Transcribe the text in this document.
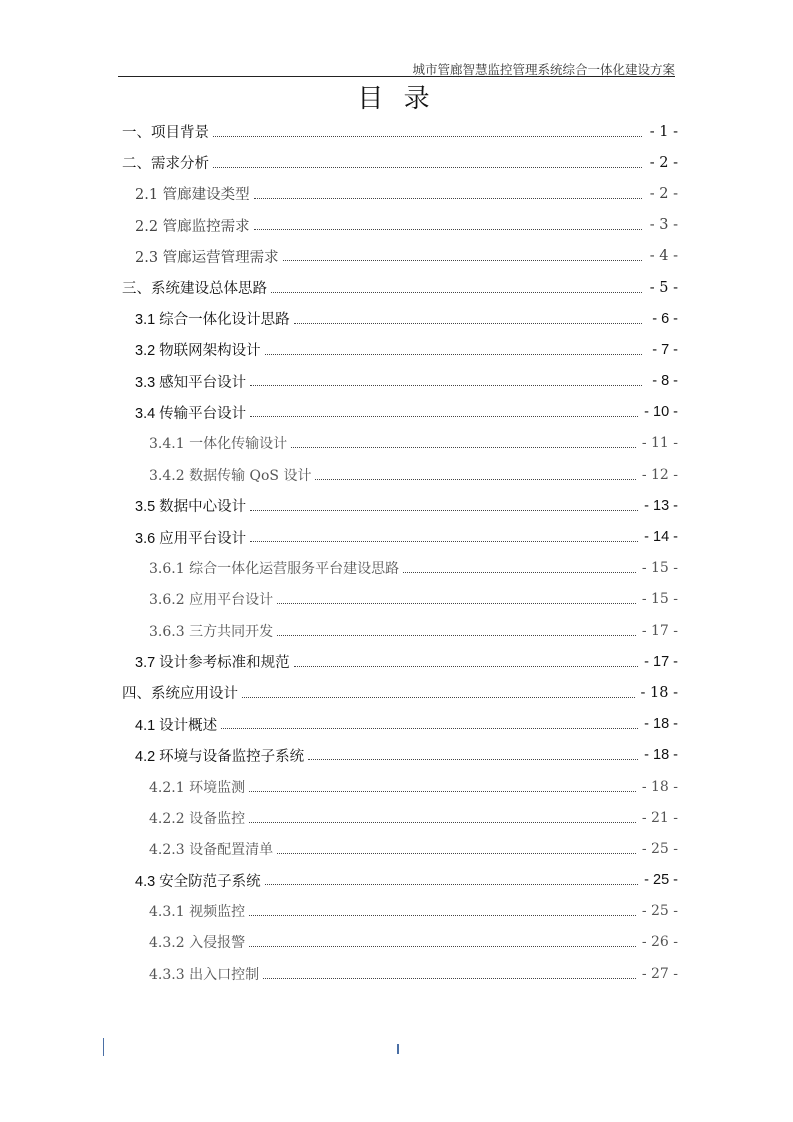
城市管廊智慧监控管理系统综合一体化建设方案
目 录
一、项目背景	- 1 -
二、需求分析	- 2 -
2.1 管廊建设类型	- 2 -
2.2 管廊监控需求	- 3 -
2.3 管廊运营管理需求	- 4 -
三、系统建设总体思路	- 5 -
3.1 综合一体化设计思路	- 6 -
3.2 物联网架构设计	- 7 -
3.3 感知平台设计	- 8 -
3.4 传输平台设计	- 10 -
3.4.1 一体化传输设计	- 11 -
3.4.2 数据传输 QoS 设计	- 12 -
3.5 数据中心设计	- 13 -
3.6 应用平台设计	- 14 -
3.6.1 综合一体化运营服务平台建设思路	- 15 -
3.6.2 应用平台设计	- 15 -
3.6.3 三方共同开发	- 17 -
3.7 设计参考标准和规范	- 17 -
四、系统应用设计	- 18 -
4.1 设计概述	- 18 -
4.2 环境与设备监控子系统	- 18 -
4.2.1 环境监测	- 18 -
4.2.2 设备监控	- 21 -
4.2.3 设备配置清单	- 25 -
4.3 安全防范子系统	- 25 -
4.3.1 视频监控	- 25 -
4.3.2 入侵报警	- 26 -
4.3.3 出入口控制	- 27 -
